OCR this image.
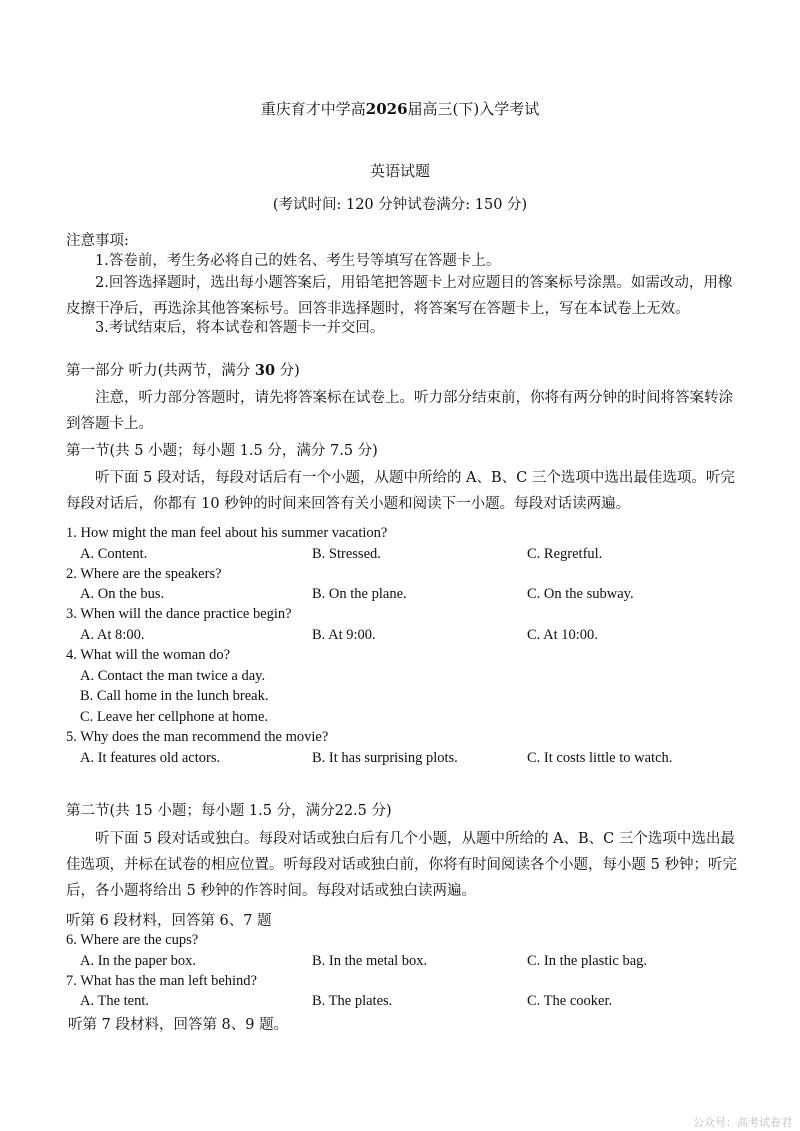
重庆育才中学高2026届高三(下)入学考试
英语试题
(考试时间: 120 分钟试卷满分: 150 分)
注意事项:
1.答卷前，考生务必将自己的姓名、考生号等填写在答题卡上。
2.回答选择题时，选出每小题答案后，用铅笔把答题卡上对应题目的答案标号涂黑。如需改动，用橡皮擦干净后，再选涂其他答案标号。回答非选择题时，将答案写在答题卡上，写在本试卷上无效。
3.考试结束后，将本试卷和答题卡一并交回。
第一部分 听力(共两节，满分 30 分)
注意，听力部分答题时，请先将答案标在试卷上。听力部分结束前，你将有两分钟的时间将答案转涂到答题卡上。
第一节(共 5 小题；每小题 1.5 分，满分 7.5 分)
听下面 5 段对话，每段对话后有一个小题，从题中所给的 A、B、C 三个选项中选出最佳选项。听完每段对话后，你都有 10 秒钟的时间来回答有关小题和阅读下一小题。每段对话读两遍。
1. How might the man feel about his summer vacation?
A. Content.	B. Stressed.	C. Regretful.
2. Where are the speakers?
A. On the bus.	B. On the plane.	C. On the subway.
3. When will the dance practice begin?
A. At 8:00.	B. At 9:00.	C. At 10:00.
4. What will the woman do?
A. Contact the man twice a day.
B. Call home in the lunch break.
C. Leave her cellphone at home.
5. Why does the man recommend the movie?
A. It features old actors.	B. It has surprising plots.	C. It costs little to watch.
第二节(共 15 小题；每小题 1.5 分，满分22.5 分)
听下面 5 段对话或独白。每段对话或独白后有几个小题，从题中所给的 A、B、C 三个选项中选出最佳选项，并标在试卷的相应位置。听每段对话或独白前，你将有时间阅读各个小题，每小题 5 秒钟；听完后，各小题将给出 5 秒钟的作答时间。每段对话或独白读两遍。
听第 6 段材料，回答第 6、7 题
6. Where are the cups?
A. In the paper box.	B. In the metal box.	C. In the plastic bag.
7. What has the man left behind?
A. The tent.	B. The plates.	C. The cooker.
听第 7 段材料，回答第 8、9 题。
公众号：高考试卷君
